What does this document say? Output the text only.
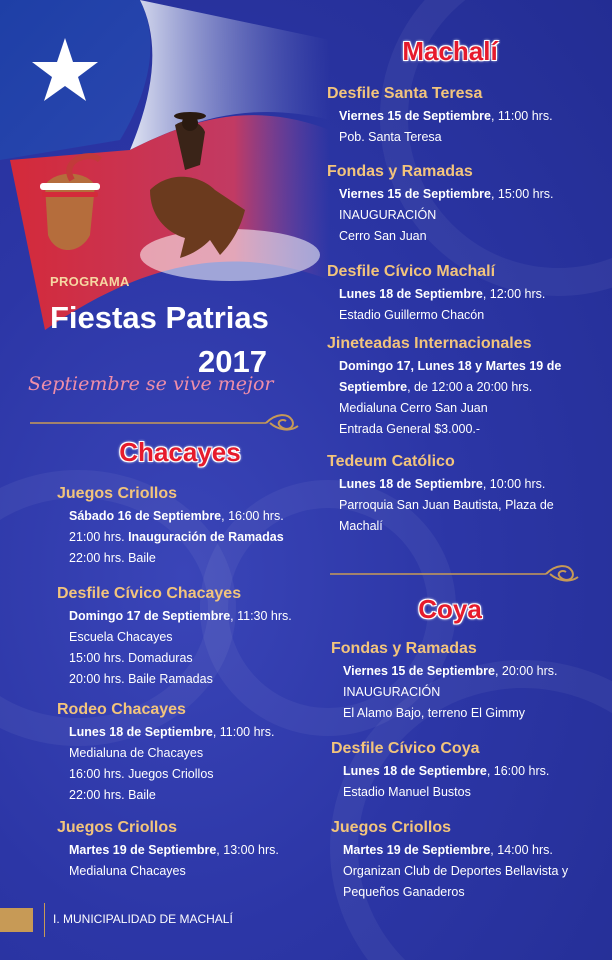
PROGRAMA
Fiestas Patrias
2017
Septiembre se vive mejor
Chacayes
Juegos Criollos
Sábado 16 de Septiembre, 16:00 hrs.
21:00 hrs. Inauguración de Ramadas
22:00 hrs. Baile
Desfile Cívico Chacayes
Domingo 17 de Septiembre, 11:30 hrs.
Escuela Chacayes
15:00 hrs. Domaduras
20:00 hrs. Baile Ramadas
Rodeo Chacayes
Lunes 18 de Septiembre, 11:00 hrs.
Medialuna de Chacayes
16:00 hrs. Juegos Criollos
22:00 hrs. Baile
Juegos Criollos
Martes 19 de Septiembre, 13:00 hrs.
Medialuna Chacayes
Machalí
Desfile Santa Teresa
Viernes 15 de Septiembre, 11:00 hrs.
Pob. Santa Teresa
Fondas y Ramadas
Viernes 15 de Septiembre, 15:00 hrs.
INAUGURACIÓN
Cerro San Juan
Desfile Cívico Machalí
Lunes 18 de Septiembre, 12:00 hrs.
Estadio Guillermo Chacón
Jineteadas Internacionales
Domingo 17, Lunes 18 y Martes 19 de
Septiembre, de 12:00 a 20:00 hrs.
Medialuna Cerro San Juan
Entrada General $3.000.-
Tedeum Católico
Lunes 18 de Septiembre, 10:00 hrs.
Parroquia San Juan Bautista, Plaza de
Machalí
Coya
Fondas y Ramadas
Viernes 15 de Septiembre, 20:00 hrs.
INAUGURACIÓN
El Alamo Bajo, terreno El Gimmy
Desfile Cívico Coya
Lunes 18 de Septiembre, 16:00 hrs.
Estadio Manuel Bustos
Juegos Criollos
Martes 19 de Septiembre, 14:00 hrs.
Organizan Club de Deportes Bellavista y
Pequeños Ganaderos
I. MUNICIPALIDAD DE MACHALÍ
